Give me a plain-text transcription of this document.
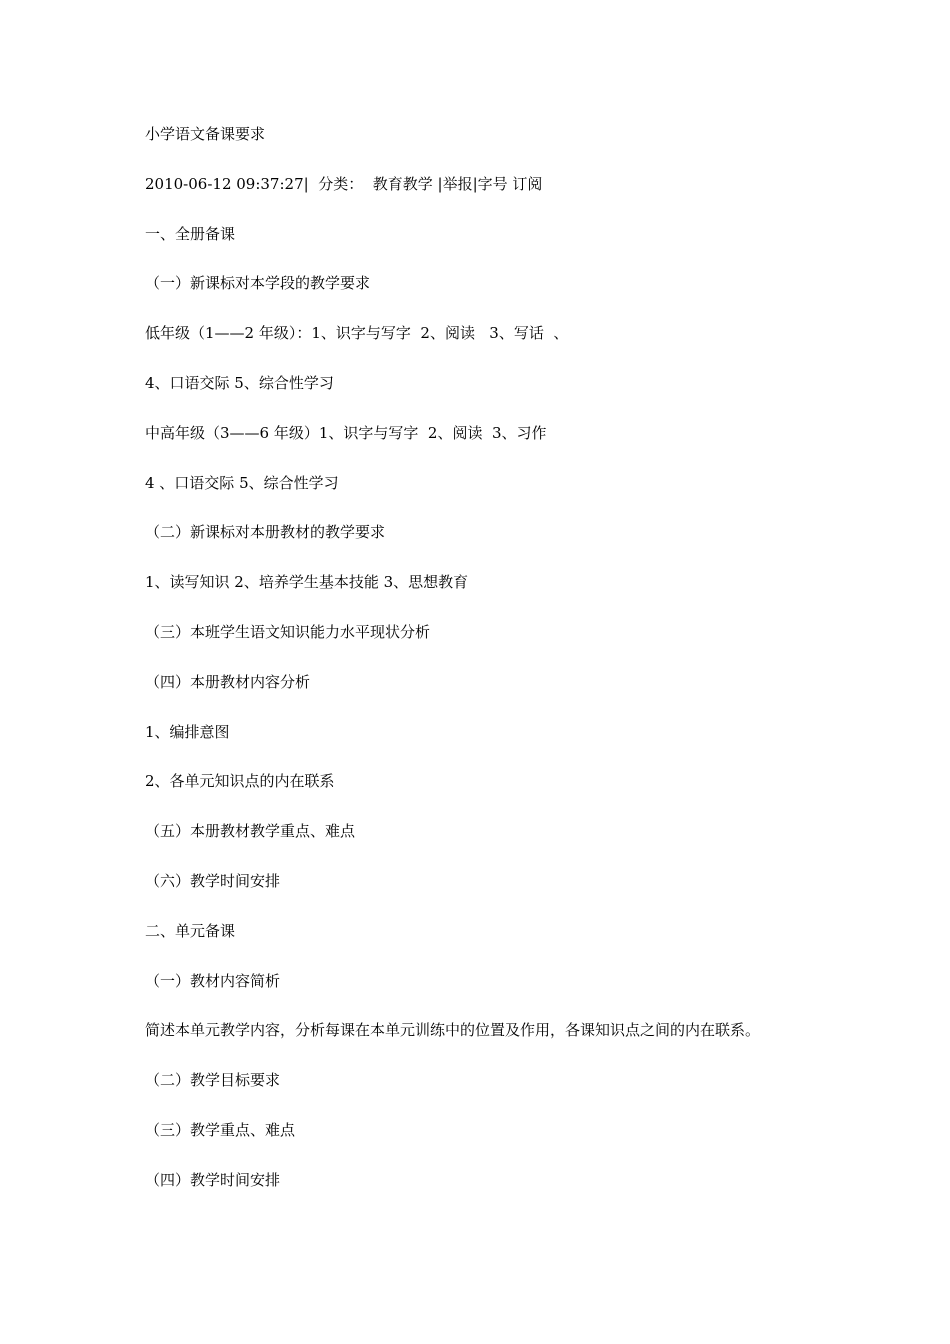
小学语文备课要求
2010-06-12 09:37:27|  分类：  教育教学 |举报|字号 订阅
一、全册备课
（一）新课标对本学段的教学要求
低年级（1——2 年级）：1、识字与写字  2、阅读   3、写话  、
4、口语交际 5、综合性学习
中高年级（3——6 年级）1、识字与写字  2、阅读  3、习作
4 、口语交际 5、综合性学习
（二）新课标对本册教材的教学要求
1、读写知识 2、培养学生基本技能 3、思想教育
（三）本班学生语文知识能力水平现状分析
（四）本册教材内容分析
1、编排意图
2、各单元知识点的内在联系
（五）本册教材教学重点、难点
（六）教学时间安排
二、单元备课
（一）教材内容简析
简述本单元教学内容，分析每课在本单元训练中的位置及作用，各课知识点之间的内在联系。
（二）教学目标要求
（三）教学重点、难点
（四）教学时间安排
